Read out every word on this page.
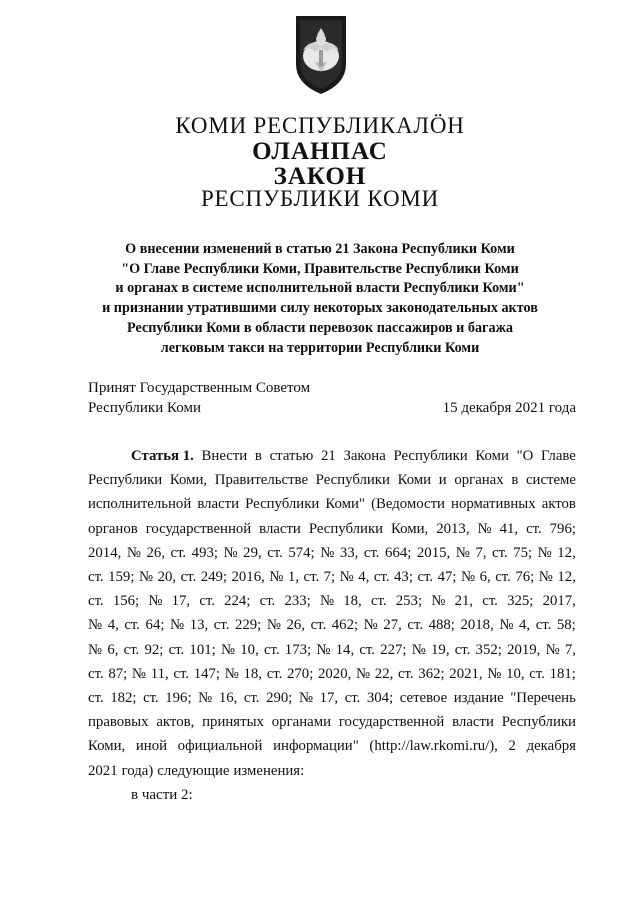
КОМИ РЕСПУБЛИКАЛÖН
ОЛАНПАС
ЗАКОН
РЕСПУБЛИКИ КОМИ
О внесении изменений в статью 21 Закона Республики Коми
"О Главе Республики Коми, Правительстве Республики Коми
и органах в системе исполнительной власти Республики Коми"
и признании утратившими силу некоторых законодательных актов
Республики Коми в области перевозок пассажиров и багажа
легковым такси на территории Республики Коми
Принят Государственным Советом
Республики Коми	15 декабря 2021 года
Статья 1. Внести в статью 21 Закона Республики Коми "О Главе
Республики Коми, Правительстве Республики Коми и органах в системе
исполнительной власти Республики Коми" (Ведомости нормативных актов
органов государственной власти Республики Коми, 2013, № 41, ст. 796;
2014, № 26, ст. 493; № 29, ст. 574; № 33, ст. 664; 2015, № 7, ст. 75; № 12,
ст. 159; № 20, ст. 249; 2016, № 1, ст. 7; № 4, ст. 43; ст. 47; № 6, ст. 76; № 12,
ст. 156; № 17, ст. 224; ст. 233; № 18, ст. 253; № 21, ст. 325; 2017,
№ 4, ст. 64; № 13, ст. 229; № 26, ст. 462; № 27, ст. 488; 2018, № 4, ст. 58;
№ 6, ст. 92; ст. 101; № 10, ст. 173; № 14, ст. 227; № 19, ст. 352; 2019, № 7,
ст. 87; № 11, ст. 147; № 18, ст. 270; 2020, № 22, ст. 362; 2021, № 10, ст. 181;
ст. 182; ст. 196; № 16, ст. 290; № 17, ст. 304; сетевое издание "Перечень
правовых актов, принятых органами государственной власти Республики
Коми, иной официальной информации" (http://law.rkomi.ru/), 2 декабря
2021 года) следующие изменения:
в части 2:
